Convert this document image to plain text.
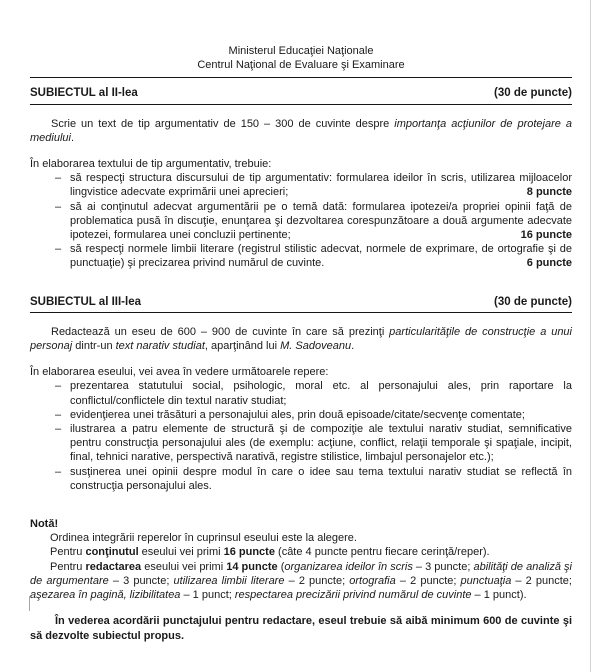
Ministerul Educaţiei Naţionale
Centrul Naţional de Evaluare şi Examinare
SUBIECTUL al II-lea	(30 de puncte)
Scrie un text de tip argumentativ de 150 – 300 de cuvinte despre importanţa acţiunilor de protejare a mediului.
În elaborarea textului de tip argumentativ, trebuie:
– să respecţi structura discursului de tip argumentativ: formularea ideilor în scris, utilizarea mijloacelor lingvistice adecvate exprimării unei aprecieri;	8 puncte
– să ai conţinutul adecvat argumentării pe o temă dată: formularea ipotezei/a propriei opinii faţă de problematica pusă în discuţie, enunţarea şi dezvoltarea corespunzătoare a două argumente adecvate ipotezei, formularea unei concluzii pertinente;	16 puncte
– să respecţi normele limbii literare (registrul stilistic adecvat, normele de exprimare, de ortografie şi de punctuaţie) şi precizarea privind numărul de cuvinte.	6 puncte
SUBIECTUL al III-lea	(30 de puncte)
Redactează un eseu de 600 – 900 de cuvinte în care să prezinţi particularităţile de construcţie a unui personaj dintr-un text narativ studiat, aparţinând lui M. Sadoveanu.
În elaborarea eseului, vei avea în vedere următoarele repere:
– prezentarea statutului social, psihologic, moral etc. al personajului ales, prin raportare la conflictul/conflictele din textul narativ studiat;
– evidenţierea unei trăsături a personajului ales, prin două episoade/citate/secvenţe comentate;
– ilustrarea a patru elemente de structură şi de compoziţie ale textului narativ studiat, semnificative pentru construcţia personajului ales (de exemplu: acţiune, conflict, relaţii temporale şi spaţiale, incipit, final, tehnici narative, perspectivă narativă, registre stilistice, limbajul personajelor etc.);
– susţinerea unei opinii despre modul în care o idee sau tema textului narativ studiat se reflectă în construcţia personajului ales.
Notă!

Ordinea integrării reperelor în cuprinsul eseului este la alegere.

Pentru conţinutul eseului vei primi 16 puncte (câte 4 puncte pentru fiecare cerinţă/reper).

Pentru redactarea eseului vei primi 14 puncte (organizarea ideilor în scris – 3 puncte; abilităţi de analiză şi de argumentare – 3 puncte; utilizarea limbii literare – 2 puncte; ortografia – 2 puncte; punctuaţia – 2 puncte; aşezarea în pagină, lizibilitatea – 1 punct; respectarea precizării privind numărul de cuvinte – 1 punct).

În vederea acordării punctajului pentru redactare, eseul trebuie să aibă minimum 600 de cuvinte şi să dezvolte subiectul propus.
